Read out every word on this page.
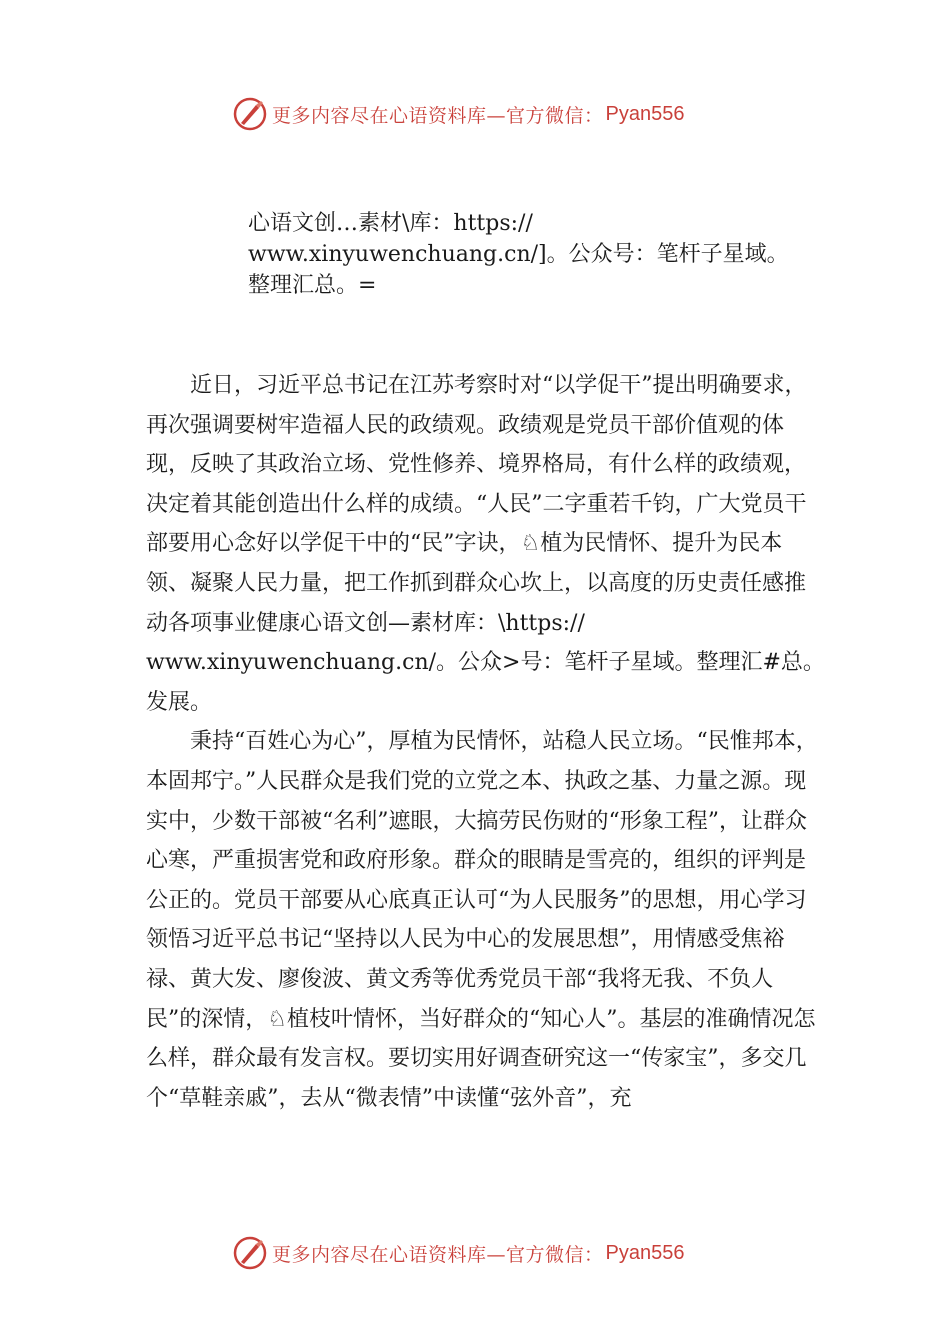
更多内容尽在心语资料库—官方微信： Pyan556
心语文创…素材\库：https://
www.xinyuwenchuang.cn/]。公众号：笔杆子星域。
整理汇总。=

近日，习近平总书记在江苏考察时对“以学促干”提出明确要求，再次强调要树牢造福人民的政绩观。政绩观是党员干部价值观的体现，反映了其政治立场、党性修养、境界格局，有什么样的政绩观，决定着其能创造出什么样的成绩。“人民”二字重若千钧，广大党员干部要用心念好以学促干中的“民”字诀，♘植为民情怀、提升为民本领、凝聚人民力量，把工作抓到群众心坎上，以高度的历史责任感推动各项事业健康心语文创—素材库：\https://
www.xinyuwenchuang.cn/。公众>号：笔杆子星域。整理汇#总。发展。

秉持“百姓心为心”，厚植为民情怀，站稳人民立场。“民惟邦本，本固邦宁。”人民群众是我们党的立党之本、执政之基、力量之源。现实中，少数干部被“名利”遮眼，大搞劳民伤财的“形象工程”，让群众心寒，严重损害党和政府形象。群众的眼睛是雪亮的，组织的评判是公正的。党员干部要从心底真正认可“为人民服务”的思想，用心学习领悟习近平总书记“坚持以人民为中心的发展思想”，用情感受焦裕禄、黄大发、廖俊波、黄文秀等优秀党员干部“我将无我、不负人民”的深情，♘植枝叶情怀，当好群众的“知心人”。基层的准确情况怎么样，群众最有发言权。要切实用好调查研究这一“传家宝”，多交几个“草鞋亲戚”，去从“微表情”中读懂“弦外音”，充

更多内容尽在心语资料库—官方微信： Pyan556
